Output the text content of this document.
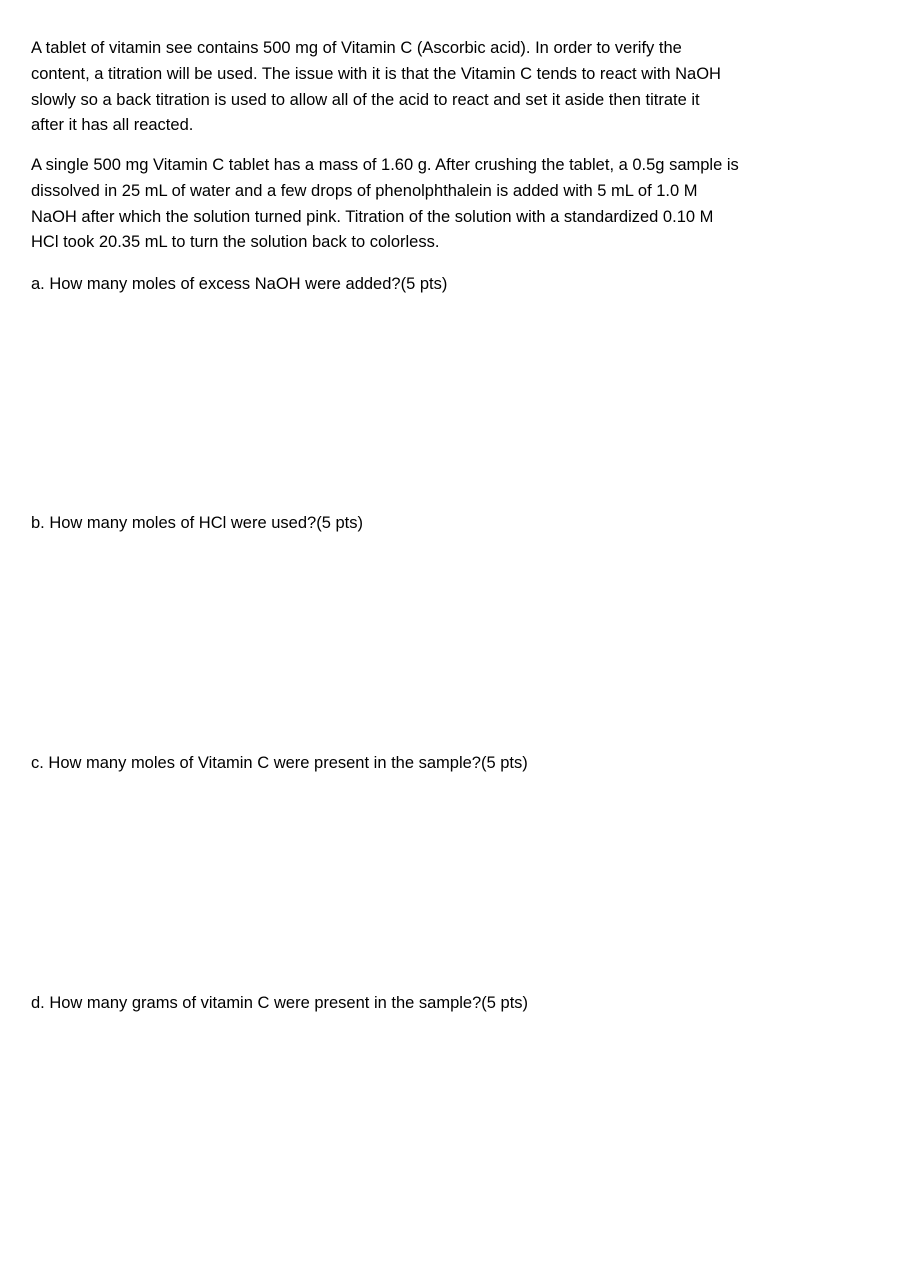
A tablet of vitamin see contains 500 mg of Vitamin C (Ascorbic acid). In order to verify the
content, a titration will be used. The issue with it is that the Vitamin C tends to react with NaOH
slowly so a back titration is used to allow all of the acid to react and set it aside then titrate it
after it has all reacted.

A single 500 mg Vitamin C tablet has a mass of 1.60 g. After crushing the tablet, a 0.5g sample is
dissolved in 25 mL of water and a few drops of phenolphthalein is added with 5 mL of 1.0 M
NaOH after which the solution turned pink. Titration of the solution with a standardized 0.10 M
HCl took 20.35 mL to turn the solution back to colorless.

a. How many moles of excess NaOH were added?(5 pts)

b. How many moles of HCl were used?(5 pts)

c. How many moles of Vitamin C were present in the sample?(5 pts)

d. How many grams of vitamin C were present in the sample?(5 pts)
